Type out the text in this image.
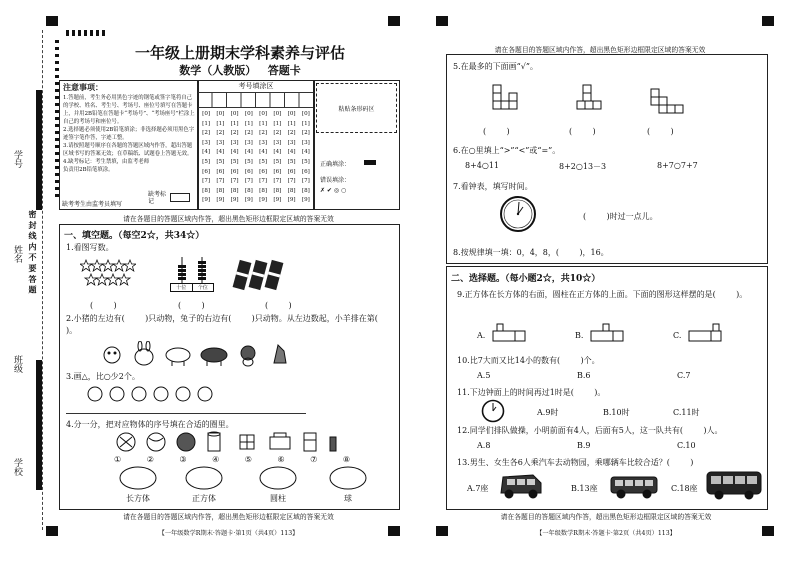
学号
姓名
班级
学校
密 封 线 内 不 要 答 题
一年级上册期末学科素养与评估
数学（人教版）   答题卡
注意事项：
1.答题前，考生务必用黑色字迹的钢笔或签字笔将自己的学校、姓名、考生号、考场号、座位号填写在答题卡上，并用2B铅笔在答题卡“考场号”、“考场座号”栏涂上自己的考场号和座位号。
2.选择题必须使用2B铅笔填涂；非选择题必须用黑色字迹签字笔作答，字迹工整。
3.请按照题号顺序在各题的答题区域内作答，超出答题区域书写的答案无效；在草稿纸、试题卷上答题无效。
4.缺考标记：考生禁填，由监考老师负责用2B铅笔填涂。
缺考标记
缺考考生由监考员填写
考号填涂区
[0]	[0]	[0]	[0]	[0]	[0]	[0]	[0]
[1]	[1]	[1]	[1]	[1]	[1]	[1]	[1]
[2]	[2]	[2]	[2]	[2]	[2]	[2]	[2]
[3]	[3]	[3]	[3]	[3]	[3]	[3]	[3]
[4]	[4]	[4]	[4]	[4]	[4]	[4]	[4]
[5]	[5]	[5]	[5]	[5]	[5]	[5]	[5]
[6]	[6]	[6]	[6]	[6]	[6]	[6]	[6]
[7]	[7]	[7]	[7]	[7]	[7]	[7]	[7]
[8]	[8]	[8]	[8]	[8]	[8]	[8]	[8]
[9]	[9]	[9]	[9]	[9]	[9]	[9]	[9]
粘贴条形码区
正确填涂：
错误填涂：
✗ ✔ ◎ ○
请在各题目的答题区域内作答，超出黑色矩形边框限定区域的答案无效
一、填空题。（每空2☆，共34☆）
1.看图写数。
十位	个位
(        )	(        )	(        )
2.小猪的左边有(        )只动物，兔子的右边有(        )只动物。从左边数起，小羊排在第(        )。
3.画△，比○少2个。
4.分一分，把对应物体的序号填在合适的圈里。
①	②	③	④	⑤	⑥	⑦	⑧
长方体	正方体	圆柱	球
请在各题目的答题区域内作答，超出黑色矩形边框限定区域的答案无效
【一年级数学R期末·答题卡·第1页（共4页）113】
请在各题目的答题区域内作答，超出黑色矩形边框限定区域的答案无效
5.在最多的下面画“√”。
(        )	(        )	(        )
6.在○里填上“>”“<”或“=”。
8+4○11	8+2○13－3	8+7○7+7
7.看钟表，填写时间。
(        )时过一点儿。
8.按规律填一填：0，4，8，(        )，16。
二、选择题。（每小题2☆，共10☆）
9.正方体在长方体的右面，圆柱在正方体的上面。下面的图形这样摆的是(        )。
A.	B.	C.
10.比7大而又比14小的数有(        )个。
A.5	B.6	C.7
11.下边钟面上的时间再过1时是(        )。
A.9时	B.10时	C.11时
12.同学们排队做操，小明前面有4人，后面有5人，这一队共有(        )人。
A.8	B.9	C.10
13.男生、女生各6人乘汽车去动物园，乘哪辆车比较合适？(        )
A.7座	B.13座	C.18座
请在各题目的答题区域内作答，超出黑色矩形边框限定区域的答案无效
【一年级数学R期末·答题卡·第2页（共4页）113】
